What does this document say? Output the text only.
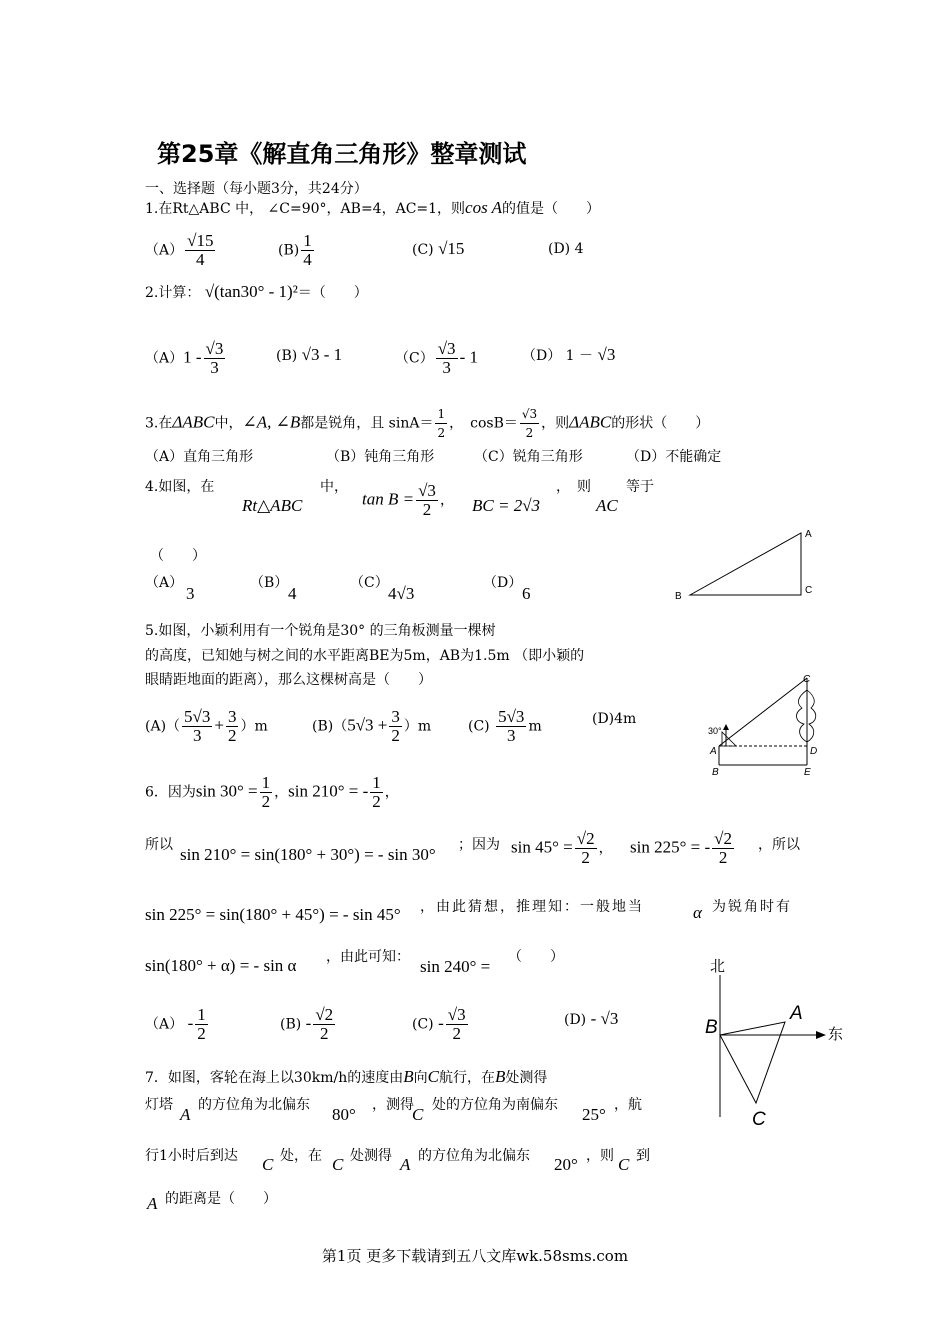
第25章《解直角三角形》整章测试
一、选择题（每小题3分，共24分）
1.在Rt△ABC 中， ∠C=90°，AB=4，AC=1，则cos A的值是（　　）
$(A) \frac{√15}{4}$	$(B) \frac{1}{4}$	(C) √15	(D) 4
2.计算： √(tan30° - 1)²＝（　　）
$(A)1 - \frac{√3}{3}$	(B) √3 - 1	$(C) \frac{√3}{3} - 1$	（D） 1 － √3
3.在ΔABC中，∠A, ∠B都是锐角，且 $\sin A= \frac{1}{2}$ ，　$\cos B= \frac{√3}{2}$ ，则ΔABC的形状（　　）
（A）直角三角形	（B）钝角三角形	（C）锐角三角形	（D）不能确定
4.如图，在
Rt△ABC
中，
$\tan B = \frac{√3}{2}$ ， BC = 2√3
，　则
AC
等于
（　　）
（A）
3
（B）
4
（C）
4√3
（D）
6
A
B
C
5.如图，小颖利用有一个锐角是30° 的三角板测量一棵树
的高度，已知她与树之间的水平距离BE为5m，AB为1.5m （即小颖的
眼睛距地面的距离），那么这棵树高是（　　）
$(A)( \frac{5√3}{3} + \frac{3}{2} )m$	$(B)(5√3 + \frac{3}{2} )m$	$(C) \frac{5√3}{3}$ m	(D)4m
30°
A
B
C
D
E
6．因为$\sin 30^\circ = \frac{1}{2}$ ，sin 210° = - $\frac{1}{2}$ ，
所以 sin 210° = sin(180° + 30°) = - sin 30° ；因为 $\sin 45^\circ = \frac{√2}{2}$ ， sin 225° = - $\frac{√2}{2}$ ，所以
sin 225° = sin(180° + 45°) = - sin 45° ，由此猜想，推理知：一般地当	α 为锐角时有
sin(180° + α) = - sin α ，由此可知： sin 240° = （　　）
$(A) - \frac{1}{2}$	$(B) - \frac{√2}{2}$	$(C) - \frac{√3}{2}$	(D) - √3
北
东
A
B
C
7．如图，客轮在海上以30km/h的速度由B向C航行，在B处测得
灯塔 A 的方位角为北偏东 80° ，测得
C 处的方位角为南偏东 25° ，航
行1小时后到达 C 处，在 C 处测得 A 的方位角为北偏东 20° ，则 C 到
A 的距离是（　　）
第1页 更多下载请到五八文库wk.58sms.com
